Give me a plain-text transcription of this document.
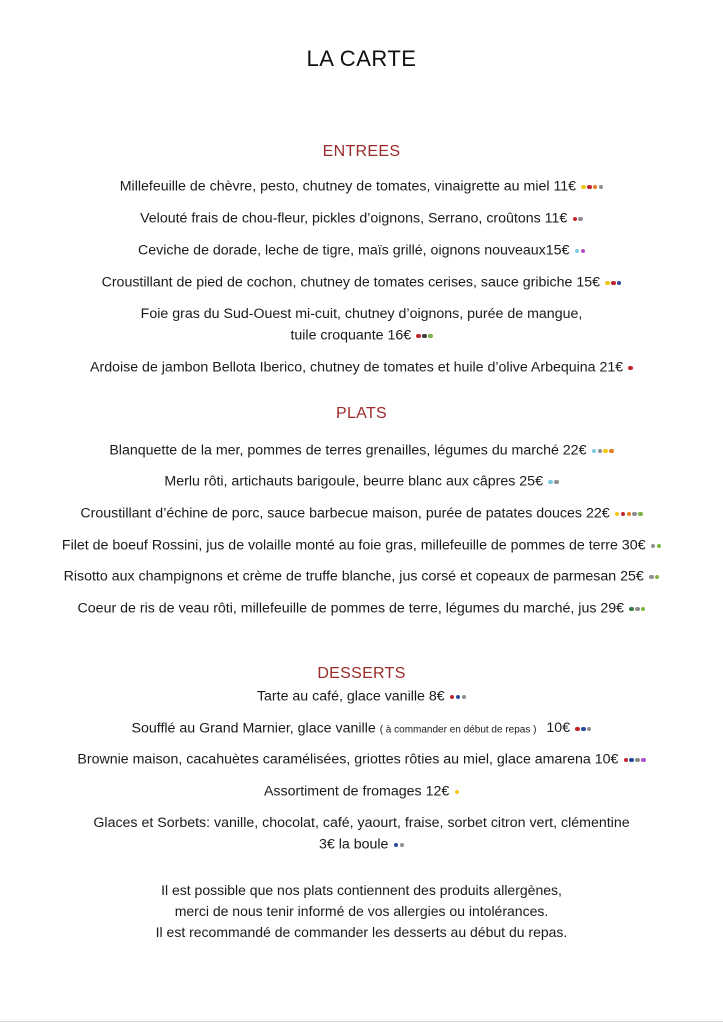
LA CARTE
ENTREES
Millefeuille de chèvre, pesto, chutney de tomates, vinaigrette au miel 11€
Velouté frais de chou-fleur, pickles d’oignons, Serrano, croûtons 11€
Ceviche de dorade, leche de tigre, maïs grillé, oignons nouveaux15€
Croustillant de pied de cochon, chutney de tomates cerises, sauce gribiche 15€
Foie gras du Sud-Ouest mi-cuit, chutney d’oignons, purée de mangue,
tuile croquante 16€
Ardoise de jambon Bellota Iberico, chutney de tomates et huile d’olive Arbequina 21€
PLATS
Blanquette de la mer, pommes de terres grenailles, légumes du marché 22€
Merlu rôti, artichauts barigoule, beurre blanc aux câpres 25€
Croustillant d’échine de porc, sauce barbecue maison, purée de patates douces 22€
Filet de boeuf Rossini, jus de volaille monté au foie gras, millefeuille de pommes de terre 30€
Risotto aux champignons et crème de truffe blanche, jus corsé et copeaux de parmesan 25€
Coeur de ris de veau rôti, millefeuille de pommes de terre, légumes du marché, jus 29€
DESSERTS
Tarte au café, glace vanille 8€
Soufflé au Grand Marnier, glace vanille ( à commander en début de repas ) 10€
Brownie maison, cacahuètes caramélisées, griottes rôties au miel, glace amarena 10€
Assortiment de fromages 12€
Glaces et Sorbets: vanille, chocolat, café, yaourt, fraise, sorbet citron vert, clémentine
3€ la boule
Il est possible que nos plats contiennent des produits allergènes,
merci de nous tenir informé de vos allergies ou intolérances.
Il est recommandé de commander les desserts au début du repas.
